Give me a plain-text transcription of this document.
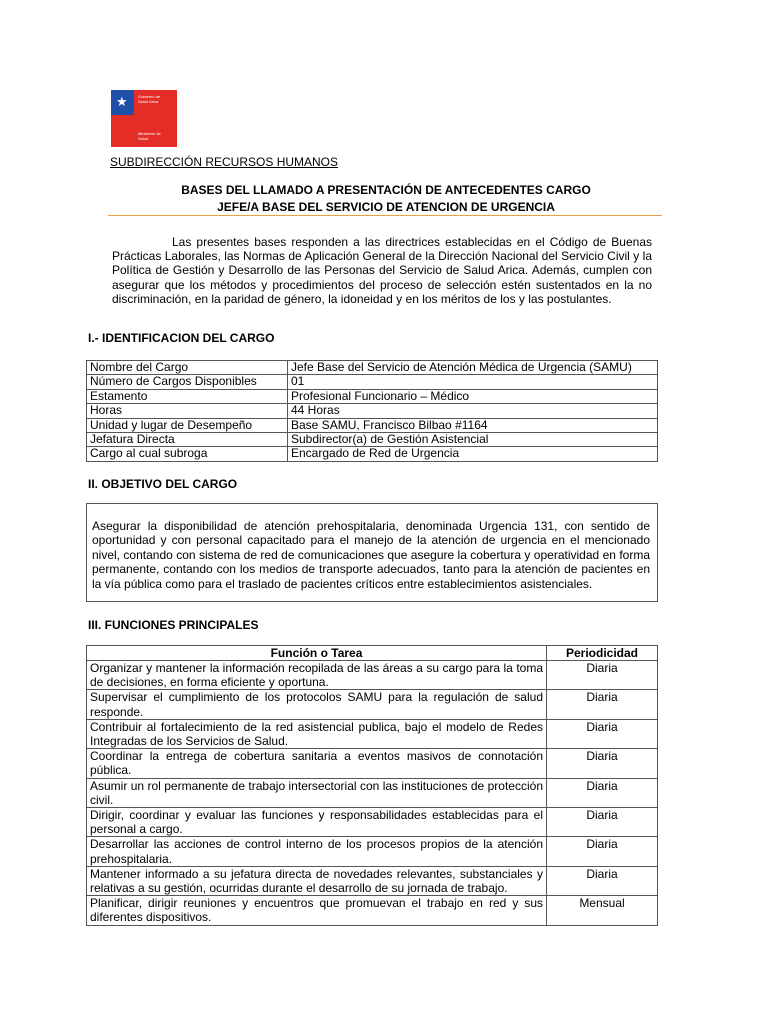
★	Gobierno de
Salud Arica
Ministerio de
Salud
SUBDIRECCIÓN RECURSOS HUMANOS
BASES DEL LLAMADO A PRESENTACIÓN DE ANTECEDENTES CARGO
JEFE/A BASE DEL SERVICIO DE ATENCION DE URGENCIA

Las presentes bases responden a las directrices establecidas en el Código de Buenas Prácticas Laborales, las Normas de Aplicación General de la Dirección Nacional del Servicio Civil y la Política de Gestión y Desarrollo de las Personas del Servicio de Salud Arica. Además, cumplen con asegurar que los métodos y procedimientos del proceso de selección estén sustentados en la no discriminación, en la paridad de género, la idoneidad y en los méritos de los y las postulantes.

I.- IDENTIFICACION DEL CARGO
Nombre del Cargo	Jefe Base del Servicio de Atención Médica de Urgencia (SAMU)
Número de Cargos Disponibles	01
Estamento	Profesional Funcionario – Médico
Horas	44 Horas
Unidad y lugar de Desempeño	Base SAMU, Francisco Bilbao #1164
Jefatura Directa	Subdirector(a) de Gestión Asistencial
Cargo al cual subroga	Encargado de Red de Urgencia
II. OBJETIVO DEL CARGO

Asegurar la disponibilidad de atención prehospitalaria, denominada Urgencia 131, con sentido de oportunidad y con personal capacitado para el manejo de la atención de urgencia en el mencionado nivel, contando con sistema de red de comunicaciones que asegure la cobertura y operatividad en forma permanente, contando con los medios de transporte adecuados, tanto para la atención de pacientes en la vía pública como para el traslado de pacientes críticos entre establecimientos asistenciales.

III. FUNCIONES PRINCIPALES
Función o Tarea	Periodicidad
Organizar y mantener la información recopilada de las áreas a su cargo para la toma de decisiones, en forma eficiente y oportuna.	Diaria
Supervisar el cumplimiento de los protocolos SAMU para la regulación de salud responde.	Diaria
Contribuir al fortalecimiento de la red asistencial publica, bajo el modelo de Redes Integradas de los Servicios de Salud.	Diaria
Coordinar la entrega de cobertura sanitaria a eventos masivos de connotación pública.	Diaria
Asumir un rol permanente de trabajo intersectorial con las instituciones de protección civil.	Diaria
Dirigir, coordinar y evaluar las funciones y responsabilidades establecidas para el personal a cargo.	Diaria
Desarrollar las acciones de control interno de los procesos propios de la atención prehospitalaria.	Diaria
Mantener informado a su jefatura directa de novedades relevantes, substanciales y relativas a su gestión, ocurridas durante el desarrollo de su jornada de trabajo.	Diaria
Planificar, dirigir reuniones y encuentros que promuevan el trabajo en red y sus diferentes dispositivos.	Mensual
